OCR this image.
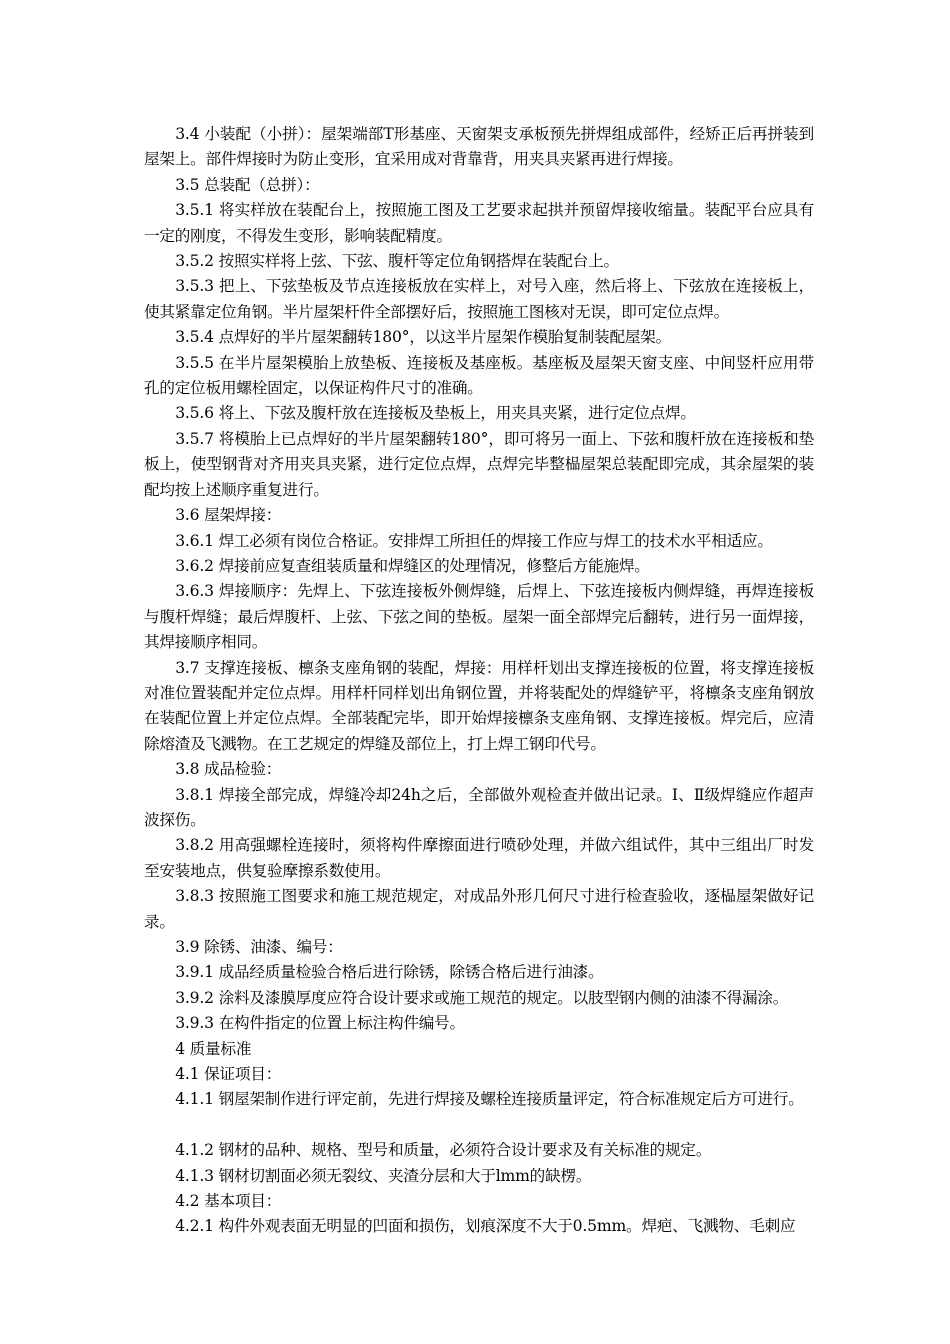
3.4 小装配（小拼）：屋架端部T形基座、天窗架支承板预先拼焊组成部件，经矫正后再拼装到屋架上。部件焊接时为防止变形，宜采用成对背靠背，用夹具夹紧再进行焊接。

3.5 总装配（总拼）：

3.5.1 将实样放在装配台上，按照施工图及工艺要求起拱并预留焊接收缩量。装配平台应具有一定的刚度，不得发生变形，影响装配精度。

3.5.2 按照实样将上弦、下弦、腹杆等定位角钢搭焊在装配台上。

3.5.3 把上、下弦垫板及节点连接板放在实样上，对号入座，然后将上、下弦放在连接板上，使其紧靠定位角钢。半片屋架杆件全部摆好后，按照施工图核对无误，即可定位点焊。

3.5.4 点焊好的半片屋架翻转180°，以这半片屋架作模胎复制装配屋架。

3.5.5 在半片屋架模胎上放垫板、连接板及基座板。基座板及屋架天窗支座、中间竖杆应用带孔的定位板用螺栓固定，以保证构件尺寸的准确。

3.5.6 将上、下弦及腹杆放在连接板及垫板上，用夹具夹紧，进行定位点焊。

3.5.7 将模胎上已点焊好的半片屋架翻转180°，即可将另一面上、下弦和腹杆放在连接板和垫板上，使型钢背对齐用夹具夹紧，进行定位点焊，点焊完毕整榀屋架总装配即完成，其余屋架的装配均按上述顺序重复进行。

3.6 屋架焊接：

3.6.1 焊工必须有岗位合格证。安排焊工所担任的焊接工作应与焊工的技术水平相适应。

3.6.2 焊接前应复查组装质量和焊缝区的处理情况，修整后方能施焊。

3.6.3 焊接顺序：先焊上、下弦连接板外侧焊缝，后焊上、下弦连接板内侧焊缝，再焊连接板与腹杆焊缝；最后焊腹杆、上弦、下弦之间的垫板。屋架一面全部焊完后翻转，进行另一面焊接，其焊接顺序相同。

3.7 支撑连接板、檩条支座角钢的装配，焊接：用样杆划出支撑连接板的位置，将支撑连接板对准位置装配并定位点焊。用样杆同样划出角钢位置，并将装配处的焊缝铲平，将檩条支座角钢放在装配位置上并定位点焊。全部装配完毕，即开始焊接檩条支座角钢、支撑连接板。焊完后，应清除熔渣及飞溅物。在工艺规定的焊缝及部位上，打上焊工钢印代号。

3.8 成品检验：

3.8.1 焊接全部完成，焊缝冷却24h之后，全部做外观检查并做出记录。Ⅰ、Ⅱ级焊缝应作超声波探伤。

3.8.2 用高强螺栓连接时，须将构件摩擦面进行喷砂处理，并做六组试件，其中三组出厂时发至安装地点，供复验摩擦系数使用。

3.8.3 按照施工图要求和施工规范规定，对成品外形几何尺寸进行检查验收，逐榀屋架做好记录。

3.9 除锈、油漆、编号：

3.9.1 成品经质量检验合格后进行除锈，除锈合格后进行油漆。

3.9.2 涂料及漆膜厚度应符合设计要求或施工规范的规定。以肢型钢内侧的油漆不得漏涂。

3.9.3 在构件指定的位置上标注构件编号。

4 质量标准

4.1 保证项目：

4.1.1 钢屋架制作进行评定前，先进行焊接及螺栓连接质量评定，符合标准规定后方可进行。

4.1.2 钢材的品种、规格、型号和质量，必须符合设计要求及有关标准的规定。

4.1.3 钢材切割面必须无裂纹、夹渣分层和大于lmm的缺楞。

4.2 基本项目：

4.2.1 构件外观表面无明显的凹面和损伤，划痕深度不大于0.5mm。焊疤、飞溅物、毛刺应
